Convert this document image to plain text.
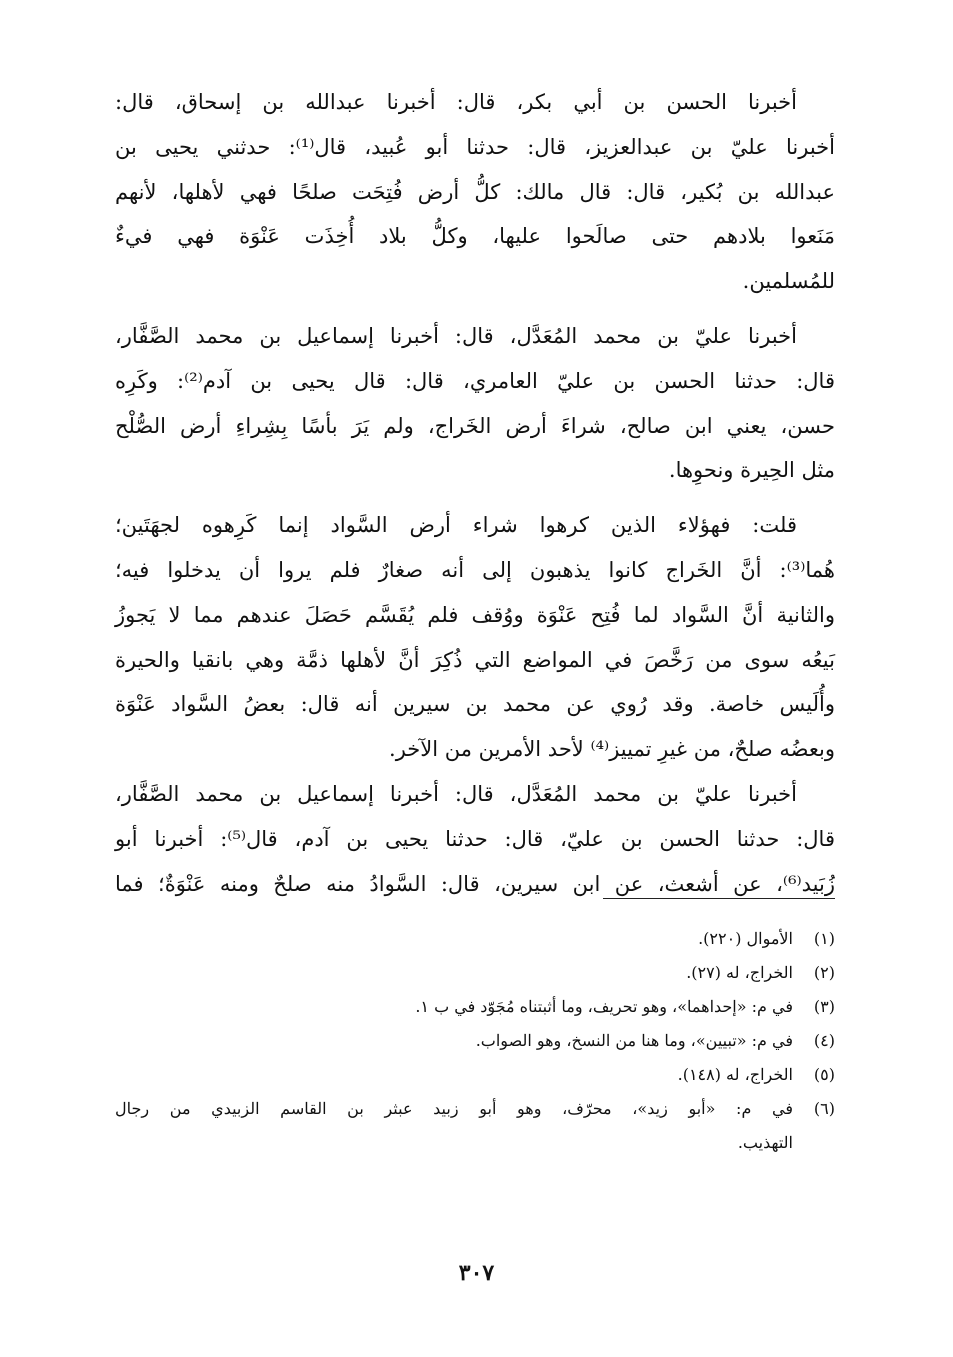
أخبرنا الحسن بن أبي بكر، قال: أخبرنا عبدالله بن إسحاق، قال:
أخبرنا عليّ بن عبدالعزيز، قال: حدثنا أبو عُبيد، قال⁽¹⁾: حدثني يحيى بن
عبدالله بن بُكير، قال: قال مالك: كلُّ أرض فُتِحَت صلحًا فهي لأهلها، لأنهم
مَنَعوا بلادهم حتى صالَحوا عليها، وكلُّ بلاد أُخِذَت عَنْوَة فهي فيءٌ
للمُسلمين.

أخبرنا عليّ بن محمد المُعَدَّل، قال: أخبرنا إسماعيل بن محمد الصَّفَّار،
قال: حدثنا الحسن بن عليّ العامري، قال: قال يحيى بن آدم⁽²⁾: وكَرِه
حسن، يعني ابن صالح، شراءَ أرض الخَراج، ولم يَرَ بأسًا بِشِراءِ أرض الصُّلْح
مثل الحِيرة ونحوِها.

قلت: فهؤلاء الذين كرهوا شراء أرض السَّواد إنما كَرِهوه لجهَتَين؛
هُما⁽³⁾: أنَّ الخَراج كانوا يذهبون إلى أنه صغارٌ فلم يروا أن يدخلوا فيه؛
والثانية أنَّ السَّواد لما فُتِح عَنْوَة ووُقف فلم يُقَسَّم حَصَلَ عندهم مما لا يَجوزُ
بَيعُه سوى من رَخَّصَ في المواضع التي ذُكِرَ أنَّ لأهلها ذمَّة وهي بانقيا والحيرة
وأُلَيس خاصة. وقد رُوي عن محمد بن سيرين أنه قال: بعضُ السَّواد عَنْوَة
وبعضُه صلحٌ، من غيرِ تمييز⁽⁴⁾ لأحد الأمرين من الآخر.

أخبرنا عليّ بن محمد المُعَدَّل، قال: أخبرنا إسماعيل بن محمد الصَّفَّار،
قال: حدثنا الحسن بن عليّ، قال: حدثنا يحيى بن آدم، قال⁽⁵⁾: أخبرنا أبو
زُبَيد⁽⁶⁾، عن أشعث، عن ابن سيرين، قال: السَّوادُ منه صلحٌ ومنه عَنْوَةٌ؛ فما

(١)
الأموال (٢٢٠).
(٢)
الخراج، له (٢٧).
(٣)
في م: «إحداهما»، وهو تحريف، وما أثبتناه مُجَوّد في ب ١.
(٤)
في م: «تبيين»، وما هنا من النسخ، وهو الصواب.
(٥)
الخراج، له (١٤٨).
(٦)
في م: «أبو زيد»، محرّف، وهو أبو زبيد عبثر بن القاسم الزبيدي من رجال
التهذيب.
٣٠٧
